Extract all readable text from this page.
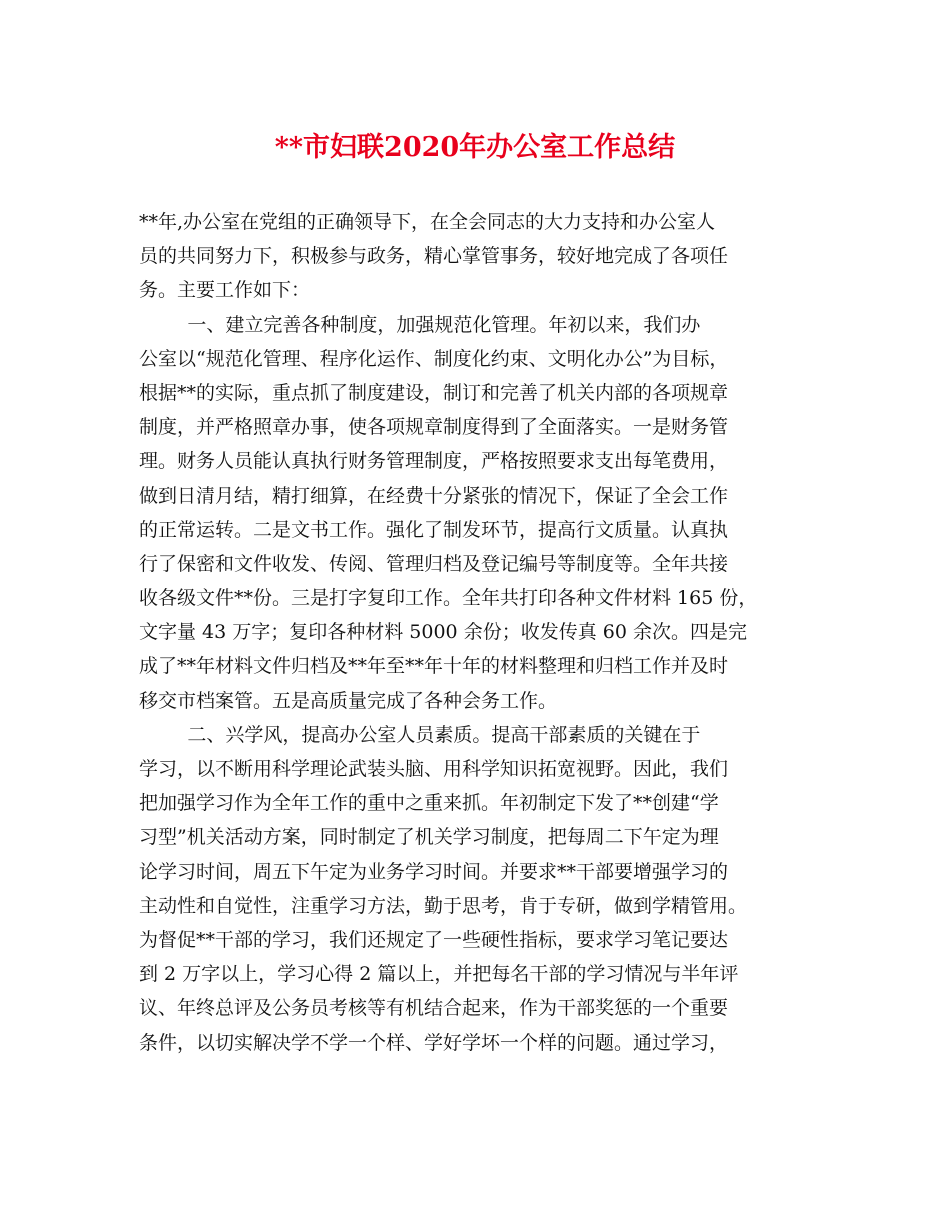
**市妇联2020年办公室工作总结

**年,办公室在党组的正确领导下，在全会同志的大力支持和办公室人

员的共同努力下，积极参与政务，精心掌管事务，较好地完成了各项任

务。主要工作如下：

一、建立完善各种制度，加强规范化管理。年初以来，我们办

公室以“规范化管理、程序化运作、制度化约束、文明化办公”为目标，

根据**的实际，重点抓了制度建设，制订和完善了机关内部的各项规章

制度，并严格照章办事，使各项规章制度得到了全面落实。一是财务管

理。财务人员能认真执行财务管理制度，严格按照要求支出每笔费用，

做到日清月结，精打细算，在经费十分紧张的情况下，保证了全会工作

的正常运转。二是文书工作。强化了制发环节，提高行文质量。认真执

行了保密和文件收发、传阅、管理归档及登记编号等制度等。全年共接

收各级文件**份。三是打字复印工作。全年共打印各种文件材料 165 份，

文字量 43 万字；复印各种材料 5000 余份；收发传真 60 余次。四是完

成了**年材料文件归档及**年至**年十年的材料整理和归档工作并及时

移交市档案管。五是高质量完成了各种会务工作。

二、兴学风，提高办公室人员素质。提高干部素质的关键在于

学习，以不断用科学理论武装头脑、用科学知识拓宽视野。因此，我们

把加强学习作为全年工作的重中之重来抓。年初制定下发了**创建“学

习型”机关活动方案，同时制定了机关学习制度，把每周二下午定为理

论学习时间，周五下午定为业务学习时间。并要求**干部要增强学习的

主动性和自觉性，注重学习方法，勤于思考，肯于专研，做到学精管用。

为督促**干部的学习，我们还规定了一些硬性指标，要求学习笔记要达

到 2 万字以上，学习心得 2 篇以上，并把每名干部的学习情况与半年评

议、年终总评及公务员考核等有机结合起来，作为干部奖惩的一个重要

条件，以切实解决学不学一个样、学好学坏一个样的问题。通过学习，
